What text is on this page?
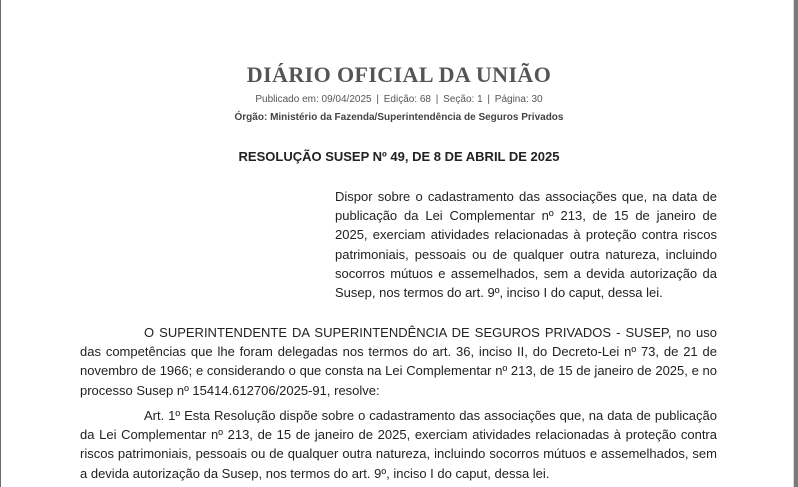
DIÁRIO OFICIAL DA UNIÃO
Publicado em: 09/04/2025 | Edição: 68 | Seção: 1 | Página: 30
Órgão: Ministério da Fazenda/Superintendência de Seguros Privados
RESOLUÇÃO SUSEP Nº 49, DE 8 DE ABRIL DE 2025
Dispor sobre o cadastramento das associações que, na data de publicação da Lei Complementar nº 213, de 15 de janeiro de 2025, exerciam atividades relacionadas à proteção contra riscos patrimoniais, pessoais ou de qualquer outra natureza, incluindo socorros mútuos e assemelhados, sem a devida autorização da Susep, nos termos do art. 9º, inciso I do caput, dessa lei.
O SUPERINTENDENTE DA SUPERINTENDÊNCIA DE SEGUROS PRIVADOS - SUSEP, no uso das competências que lhe foram delegadas nos termos do art. 36, inciso II, do Decreto-Lei nº 73, de 21 de novembro de 1966; e considerando o que consta na Lei Complementar nº 213, de 15 de janeiro de 2025, e no processo Susep nº 15414.612706/2025-91, resolve:
Art. 1º Esta Resolução dispõe sobre o cadastramento das associações que, na data de publicação da Lei Complementar nº 213, de 15 de janeiro de 2025, exerciam atividades relacionadas à proteção contra riscos patrimoniais, pessoais ou de qualquer outra natureza, incluindo socorros mútuos e assemelhados, sem a devida autorização da Susep, nos termos do art. 9º, inciso I do caput, dessa lei.
